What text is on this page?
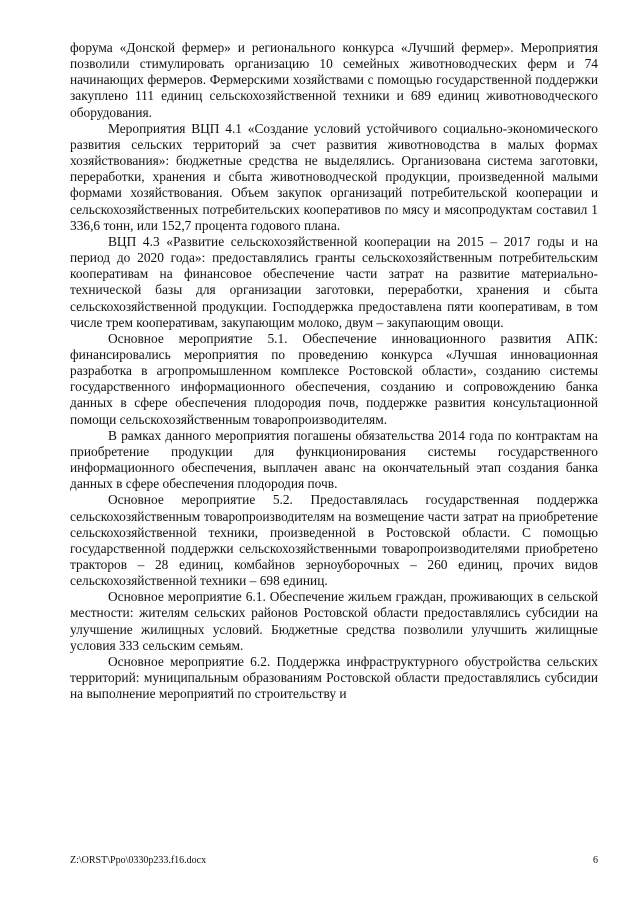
форума «Донской фермер» и регионального конкурса «Лучший фермер». Мероприятия позволили стимулировать организацию 10 семейных животноводческих ферм и 74 начинающих фермеров. Фермерскими хозяйствами с помощью государственной поддержки закуплено 111 единиц сельскохозяйственной техники и 689 единиц животноводческого оборудования.

Мероприятия ВЦП 4.1 «Создание условий устойчивого социально-экономического развития сельских территорий за счет развития животноводства в малых формах хозяйствования»: бюджетные средства не выделялись. Организована система заготовки, переработки, хранения и сбыта животноводческой продукции, произведенной малыми формами хозяйствования. Объем закупок организаций потребительской кооперации и сельскохозяйственных потребительских кооперативов по мясу и мясопродуктам составил 1 336,6 тонн, или 152,7 процента годового плана.

ВЦП 4.3 «Развитие сельскохозяйственной кооперации на 2015 – 2017 годы и на период до 2020 года»: предоставлялись гранты сельскохозяйственным потребительским кооперативам на финансовое обеспечение части затрат на развитие материально-технической базы для организации заготовки, переработки, хранения и сбыта сельскохозяйственной продукции. Господдержка предоставлена пяти кооперативам, в том числе трем кооперативам, закупающим молоко, двум – закупающим овощи.

Основное мероприятие 5.1. Обеспечение инновационного развития АПК: финансировались мероприятия по проведению конкурса «Лучшая инновационная разработка в агропромышленном комплексе Ростовской области», созданию системы государственного информационного обеспечения, созданию и сопровождению банка данных в сфере обеспечения плодородия почв, поддержке развития консультационной помощи сельскохозяйственным товаропроизводителям.

В рамках данного мероприятия погашены обязательства 2014 года по контрактам на приобретение продукции для функционирования системы государственного информационного обеспечения, выплачен аванс на окончательный этап создания банка данных в сфере обеспечения плодородия почв.

Основное мероприятие 5.2. Предоставлялась государственная поддержка сельскохозяйственным товаропроизводителям на возмещение части затрат на приобретение сельскохозяйственной техники, произведенной в Ростовской области. С помощью государственной поддержки сельскохозяйственными товаропроизводителями приобретено тракторов – 28 единиц, комбайнов зерноуборочных – 260 единиц, прочих видов сельскохозяйственной техники – 698 единиц.

Основное мероприятие 6.1. Обеспечение жильем граждан, проживающих в сельской местности: жителям сельских районов Ростовской области предоставлялись субсидии на улучшение жилищных условий. Бюджетные средства позволили улучшить жилищные условия 333 сельским семьям.

Основное мероприятие 6.2. Поддержка инфраструктурного обустройства сельских территорий: муниципальным образованиям Ростовской области предоставлялись субсидии на выполнение мероприятий по строительству и

Z:\ORST\Ppo\0330p233.f16.docx	6
